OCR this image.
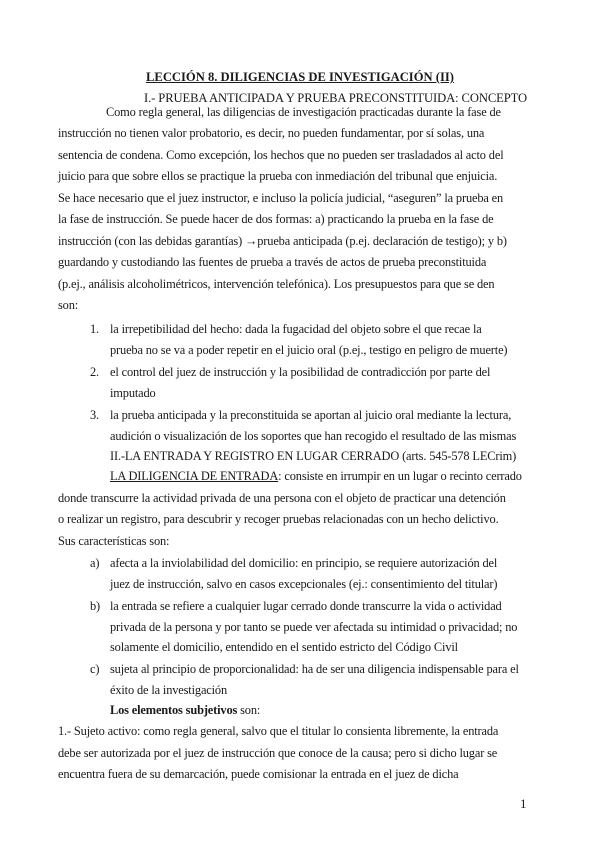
LECCIÓN 8. DILIGENCIAS DE INVESTIGACIÓN (II)
I.- PRUEBA ANTICIPADA Y PRUEBA PRECONSTITUIDA: CONCEPTO
Como regla general, las diligencias de investigación practicadas durante la fase de
instrucción no tienen valor probatorio, es decir, no pueden fundamentar, por sí solas, una
sentencia de condena. Como excepción, los hechos que no pueden ser trasladados al acto del
juicio para que sobre ellos se practique la prueba con inmediación del tribunal que enjuicia.
Se hace necesario que el juez instructor, e incluso la policía judicial, “aseguren” la prueba en
la fase de instrucción. Se puede hacer de dos formas: a) practicando la prueba en la fase de
instrucción (con las debidas garantías) →prueba anticipada (p.ej. declaración de testigo); y b)
guardando y custodiando las fuentes de prueba a través de actos de prueba preconstituida
(p.ej., análisis alcoholimétricos, intervención telefónica). Los presupuestos para que se den
son:
1. la irrepetibilidad del hecho: dada la fugacidad del objeto sobre el que recae la
prueba no se va a poder repetir en el juicio oral (p.ej., testigo en peligro de muerte)
2. el control del juez de instrucción y la posibilidad de contradicción por parte del
imputado
3. la prueba anticipada y la preconstituida se aportan al juicio oral mediante la lectura,
audición o visualización de los soportes que han recogido el resultado de las mismas
II.-LA ENTRADA Y REGISTRO EN LUGAR CERRADO (arts. 545-578 LECrim)
LA DILIGENCIA DE ENTRADA: consiste en irrumpir en un lugar o recinto cerrado
donde transcurre la actividad privada de una persona con el objeto de practicar una detención
o realizar un registro, para descubrir y recoger pruebas relacionadas con un hecho delictivo.
Sus características son:
a) afecta a la inviolabilidad del domicilio: en principio, se requiere autorización del
juez de instrucción, salvo en casos excepcionales (ej.: consentimiento del titular)
b) la entrada se refiere a cualquier lugar cerrado donde transcurre la vida o actividad
privada de la persona y por tanto se puede ver afectada su intimidad o privacidad; no
solamente el domicilio, entendido en el sentido estricto del Código Civil
c) sujeta al principio de proporcionalidad: ha de ser una diligencia indispensable para el
éxito de la investigación
Los elementos subjetivos son:
1.- Sujeto activo: como regla general, salvo que el titular lo consienta libremente, la entrada
debe ser autorizada por el juez de instrucción que conoce de la causa; pero si dicho lugar se
encuentra fuera de su demarcación, puede comisionar la entrada en el juez de dicha
1
